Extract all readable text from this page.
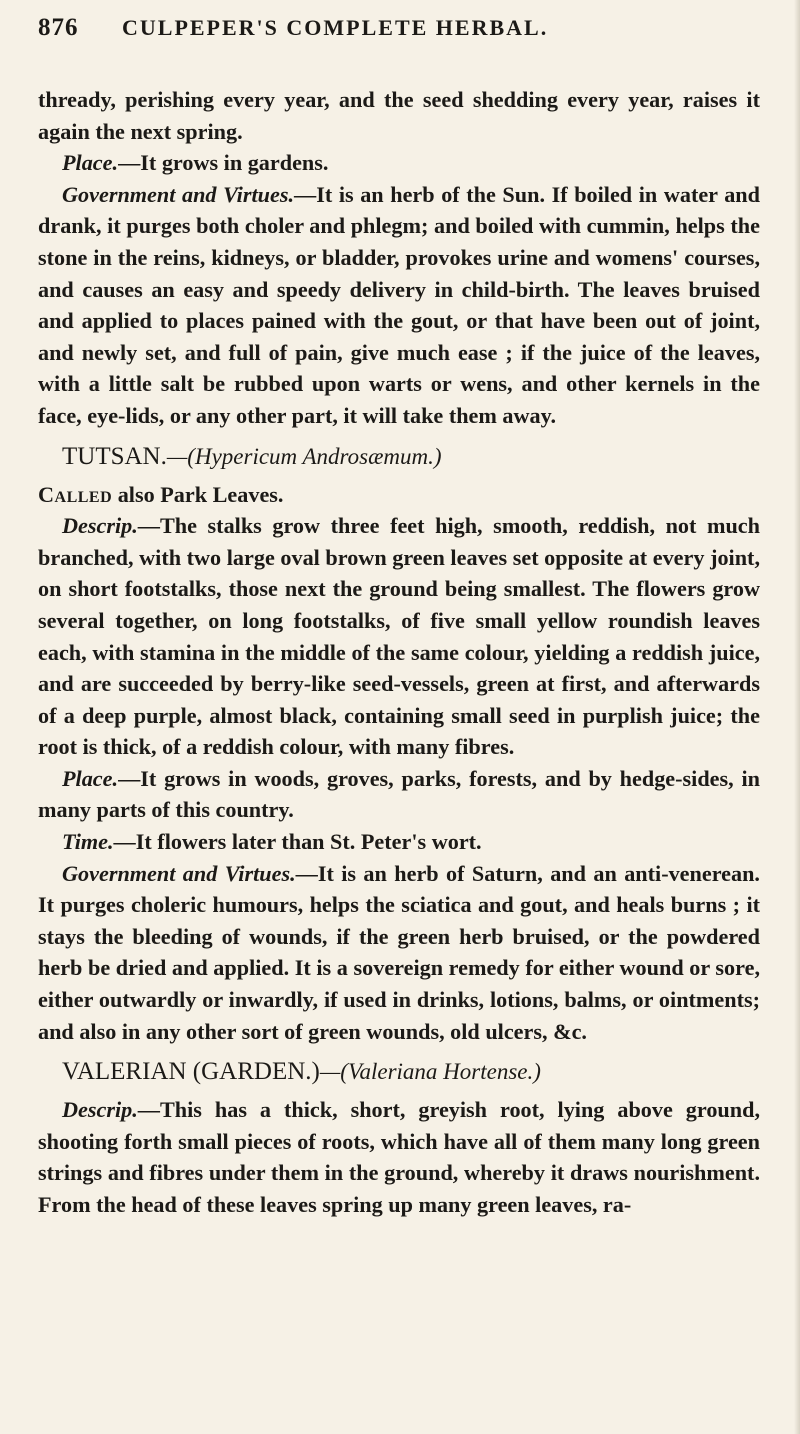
876	CULPEPER'S COMPLETE HERBAL.

thready, perishing every year, and the seed shedding every year, raises it again the next spring.

Place.—It grows in gardens.

Government and Virtues.—It is an herb of the Sun. If boiled in water and drank, it purges both choler and phlegm; and boiled with cummin, helps the stone in the reins, kidneys, or bladder, provokes urine and womens' courses, and causes an easy and speedy delivery in child-birth. The leaves bruised and applied to places pained with the gout, or that have been out of joint, and newly set, and full of pain, give much ease ; if the juice of the leaves, with a little salt be rubbed upon warts or wens, and other kernels in the face, eye-lids, or any other part, it will take them away.

TUTSAN.—(Hypericum Androsæmum.)

Called also Park Leaves.

Descrip.—The stalks grow three feet high, smooth, reddish, not much branched, with two large oval brown green leaves set opposite at every joint, on short footstalks, those next the ground being smallest. The flowers grow several together, on long footstalks, of five small yellow roundish leaves each, with stamina in the middle of the same colour, yielding a reddish juice, and are succeeded by berry-like seed-vessels, green at first, and afterwards of a deep purple, almost black, containing small seed in purplish juice; the root is thick, of a reddish colour, with many fibres.

Place.—It grows in woods, groves, parks, forests, and by hedge-sides, in many parts of this country.

Time.—It flowers later than St. Peter's wort.

Government and Virtues.—It is an herb of Saturn, and an anti-venerean. It purges choleric humours, helps the sciatica and gout, and heals burns ; it stays the bleeding of wounds, if the green herb bruised, or the powdered herb be dried and applied. It is a sovereign remedy for either wound or sore, either outwardly or inwardly, if used in drinks, lotions, balms, or ointments; and also in any other sort of green wounds, old ulcers, &c.

VALERIAN (GARDEN.)—(Valeriana Hortense.)

Descrip.—This has a thick, short, greyish root, lying above ground, shooting forth small pieces of roots, which have all of them many long green strings and fibres under them in the ground, whereby it draws nourishment. From the head of these leaves spring up many green leaves, ra-
